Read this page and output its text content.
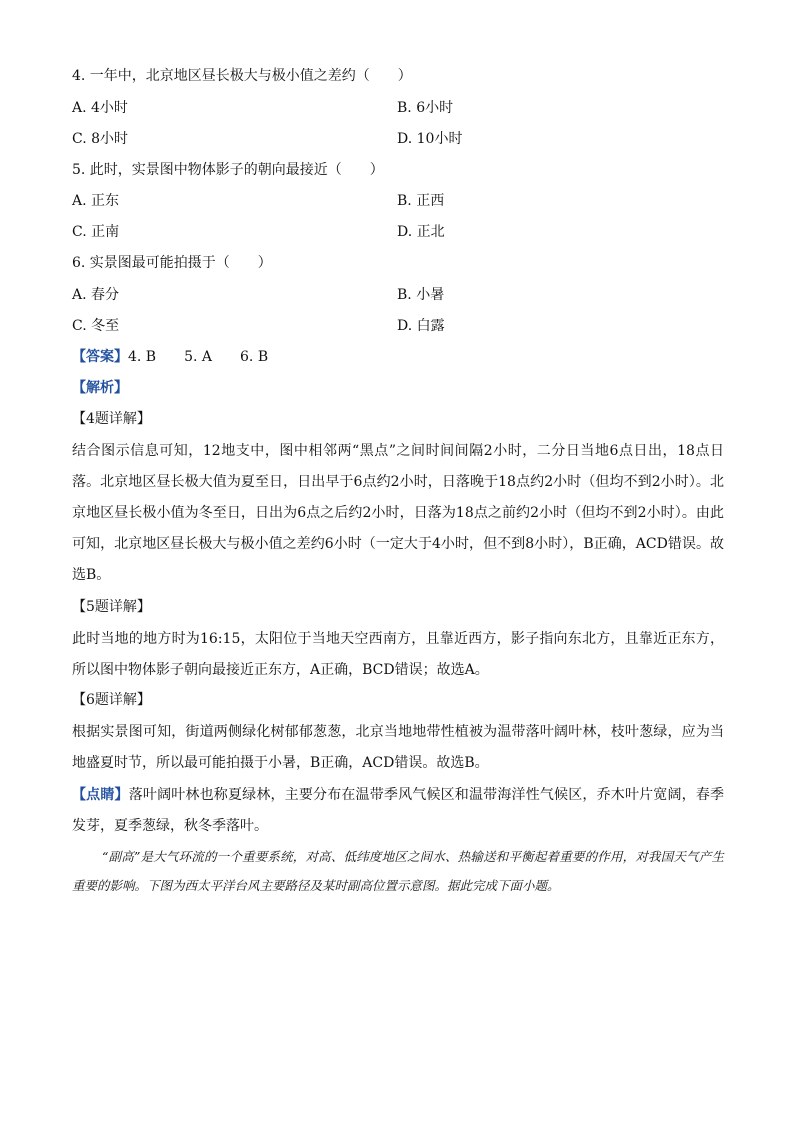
4. 一年中，北京地区昼长极大与极小值之差约（　　）
A. 4小时	B. 6小时
C. 8小时	D. 10小时
5. 此时，实景图中物体影子的朝向最接近（　　）
A. 正东	B. 正西
C. 正南	D. 正北
6. 实景图最可能拍摄于（　　）
A. 春分	B. 小暑
C. 冬至	D. 白露
【答案】4. B　　5. A　　6. B
【解析】
【4题详解】
结合图示信息可知，12地支中，图中相邻两“黑点”之间时间间隔2小时，二分日当地6点日出，18点日落。北京地区昼长极大值为夏至日，日出早于6点约2小时，日落晚于18点约2小时（但均不到2小时）。北京地区昼长极小值为冬至日，日出为6点之后约2小时，日落为18点之前约2小时（但均不到2小时）。由此可知，北京地区昼长极大与极小值之差约6小时（一定大于4小时，但不到8小时），B正确，ACD错误。故选B。
【5题详解】
此时当地的地方时为16:15，太阳位于当地天空西南方，且靠近西方，影子指向东北方，且靠近正东方，所以图中物体影子朝向最接近正东方，A正确，BCD错误；故选A。
【6题详解】
根据实景图可知，街道两侧绿化树郁郁葱葱，北京当地地带性植被为温带落叶阔叶林，枝叶葱绿，应为当地盛夏时节，所以最可能拍摄于小暑，B正确，ACD错误。故选B。
【点睛】落叶阔叶林也称夏绿林，主要分布在温带季风气候区和温带海洋性气候区，乔木叶片宽阔，春季发芽，夏季葱绿，秋冬季落叶。
“副高”是大气环流的一个重要系统，对高、低纬度地区之间水、热输送和平衡起着重要的作用，对我国天气产生重要的影响。下图为西太平洋台风主要路径及某时副高位置示意图。据此完成下面小题。
